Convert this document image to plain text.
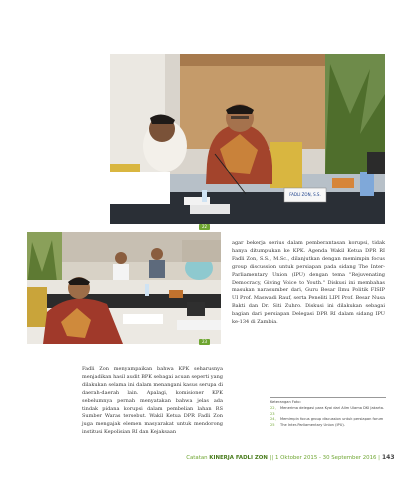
FADLI ZON, S.S.
22
23
agar bekerja serius dalam pemberantasan korupsi, tidak hanya ditumpukan ke KPK. Agenda Wakil Ketua DPR RI Fadli Zon, S.S., M.Sc., dilanjutkan dengan memimpin focus group discussion untuk persiapan pada sidang The Inter-Parliamentary Union (IPU) dengan tema "Rejuvenating Democracy, Giving Voice to Youth." Diskusi ini membahas masukan narasumber dari, Guru Besar Ilmu Politik FISIP UI Prof. Maswadi Rauf, serta Peneliti LIPI Prof. Besar Nusa Bakti dan Dr. Siti Zuhro. Diskusi ini dilakukan sebagai bagian dari persiapan Delegasi DPR RI dalam sidang IPU ke-134 di Zambia.
Fadli Zon menyampaikan bahwa KPK seharusnya menjadikan hasil audit BPK sebagai acuan seperti yang dilakukan selama ini dalam menangani kasus serupa di daerah-daerah lain. Apalagi, komisioner KPK sebelumnya pernah menyatakan bahwa jelas ada tindak pidana korupsi dalam pembelian lahan RS Sumber Waras tersebut. Wakil Ketua DPR Fadli Zon juga mengajak elemen masyarakat untuk mendorong institusi Kepolisian RI dan Kejaksaan
Keterangan Foto:
22, 23
Menerima delegasi para Kyai dari Alim Ulama DKI Jakarta.
24, 25
Memimpin focus group discussion untuk persiapan forum The Inter-Parliamentary Union (IPU).
Catatan KINERJA FADLI ZON || 1 Oktober 2015 - 30 September 2016 | 143
